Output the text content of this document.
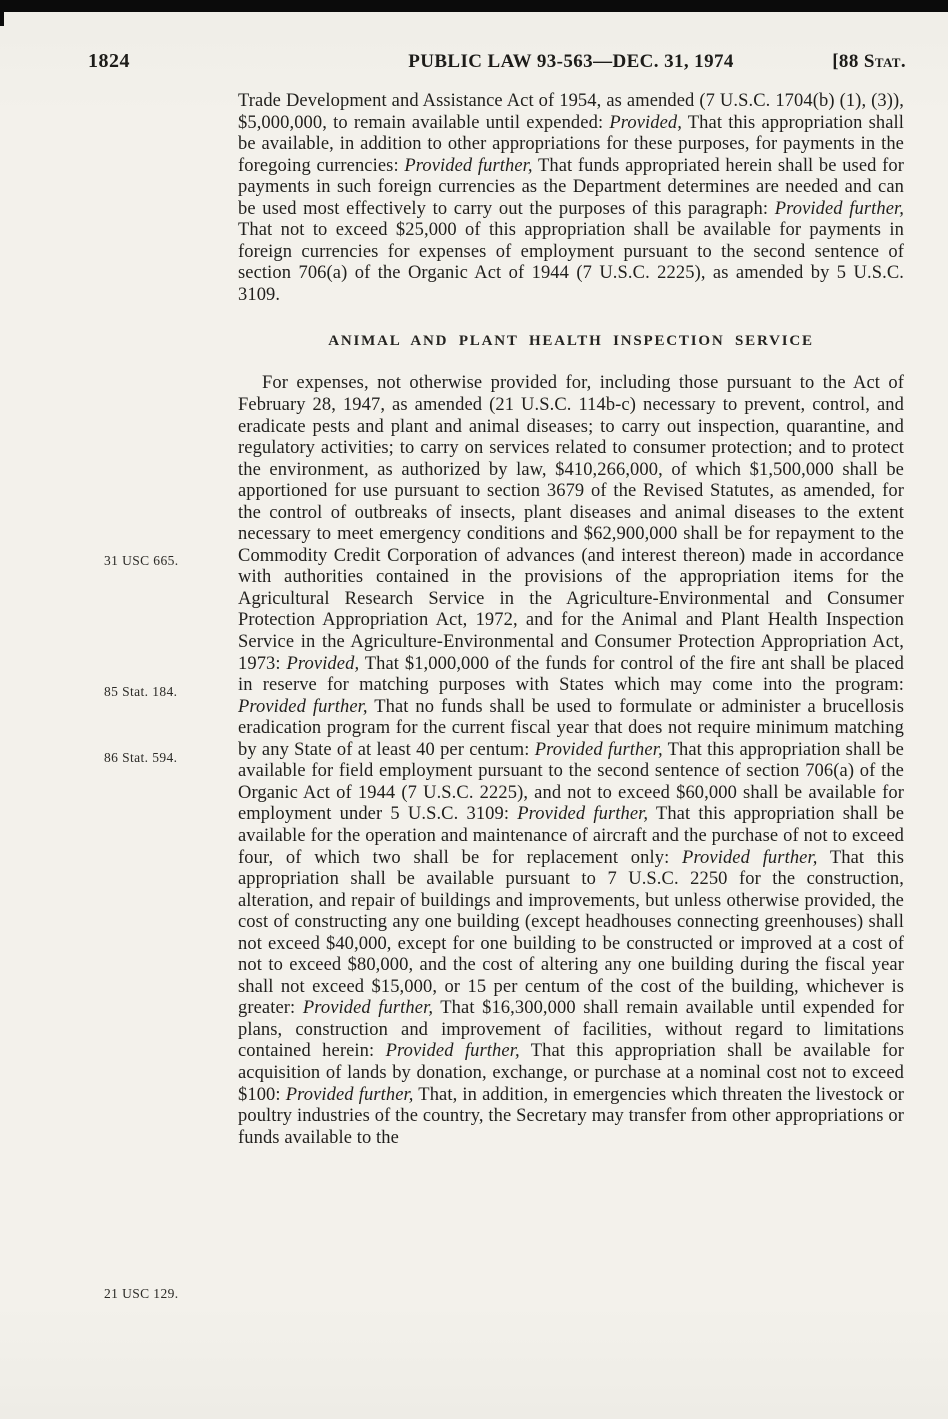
1824	PUBLIC LAW 93-563—DEC. 31, 1974	[88 Stat.
31 USC 665.
85 Stat. 184.
86 Stat. 594.
21 USC 129.

Trade Development and Assistance Act of 1954, as amended (7 U.S.C. 1704(b) (1), (3)), $5,000,000, to remain available until expended: Provided, That this appropriation shall be available, in addition to other appropriations for these purposes, for payments in the foregoing currencies: Provided further, That funds appropriated herein shall be used for payments in such foreign currencies as the Department determines are needed and can be used most effectively to carry out the purposes of this paragraph: Provided further, That not to exceed $25,000 of this appropriation shall be available for payments in foreign currencies for expenses of employment pursuant to the second sentence of section 706(a) of the Organic Act of 1944 (7 U.S.C. 2225), as amended by 5 U.S.C. 3109.

ANIMAL AND PLANT HEALTH INSPECTION SERVICE

For expenses, not otherwise provided for, including those pursuant to the Act of February 28, 1947, as amended (21 U.S.C. 114b-c) necessary to prevent, control, and eradicate pests and plant and animal diseases; to carry out inspection, quarantine, and regulatory activities; to carry on services related to consumer protection; and to protect the environment, as authorized by law, $410,266,000, of which $1,500,000 shall be apportioned for use pursuant to section 3679 of the Revised Statutes, as amended, for the control of outbreaks of insects, plant diseases and animal diseases to the extent necessary to meet emergency conditions and $62,900,000 shall be for repayment to the Commodity Credit Corporation of advances (and interest thereon) made in accordance with authorities contained in the provisions of the appropriation items for the Agricultural Research Service in the Agriculture-Environmental and Consumer Protection Appropriation Act, 1972, and for the Animal and Plant Health Inspection Service in the Agriculture-Environmental and Consumer Protection Appropriation Act, 1973: Provided, That $1,000,000 of the funds for control of the fire ant shall be placed in reserve for matching purposes with States which may come into the program: Provided further, That no funds shall be used to formulate or administer a brucellosis eradication program for the current fiscal year that does not require minimum matching by any State of at least 40 per centum: Provided further, That this appropriation shall be available for field employment pursuant to the second sentence of section 706(a) of the Organic Act of 1944 (7 U.S.C. 2225), and not to exceed $60,000 shall be available for employment under 5 U.S.C. 3109: Provided further, That this appropriation shall be available for the operation and maintenance of aircraft and the purchase of not to exceed four, of which two shall be for replacement only: Provided further, That this appropriation shall be available pursuant to 7 U.S.C. 2250 for the construction, alteration, and repair of buildings and improvements, but unless otherwise provided, the cost of constructing any one building (except headhouses connecting greenhouses) shall not exceed $40,000, except for one building to be constructed or improved at a cost of not to exceed $80,000, and the cost of altering any one building during the fiscal year shall not exceed $15,000, or 15 per centum of the cost of the building, whichever is greater: Provided further, That $16,300,000 shall remain available until expended for plans, construction and improvement of facilities, without regard to limitations contained herein: Provided further, That this appropriation shall be available for acquisition of lands by donation, exchange, or purchase at a nominal cost not to exceed $100: Provided further, That, in addition, in emergencies which threaten the livestock or poultry industries of the country, the Secretary may transfer from other appropriations or funds available to the
